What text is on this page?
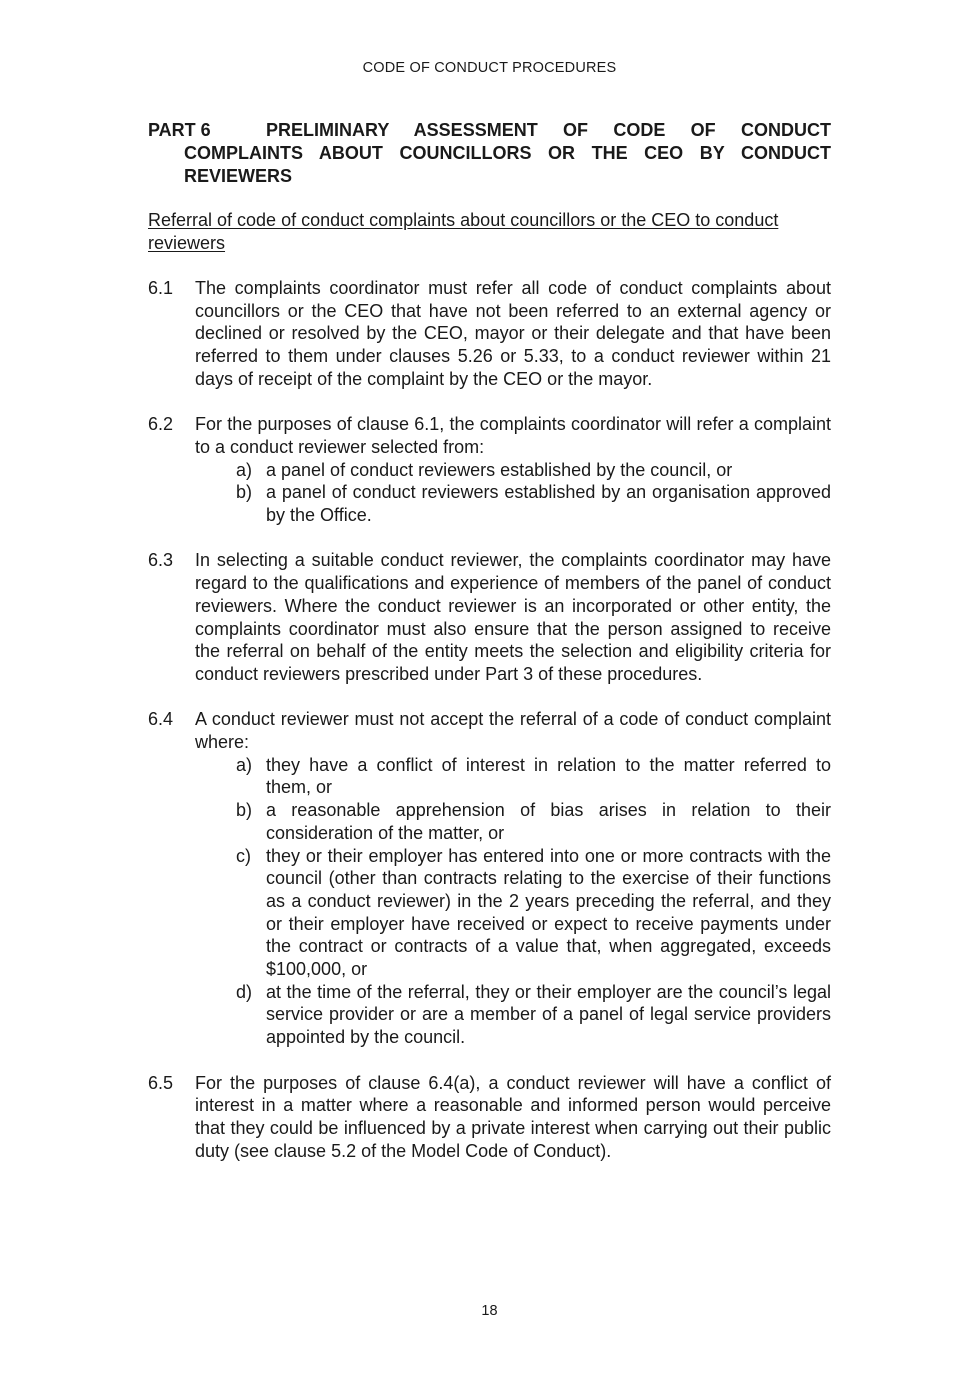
CODE OF CONDUCT PROCEDURES
PART 6	PRELIMINARY ASSESSMENT OF CODE OF CONDUCT
COMPLAINTS ABOUT COUNCILLORS OR THE CEO BY CONDUCT
REVIEWERS
Referral of code of conduct complaints about councillors or the CEO to conduct reviewers
6.1	The complaints coordinator must refer all code of conduct complaints about councillors or the CEO that have not been referred to an external agency or declined or resolved by the CEO, mayor or their delegate and that have been referred to them under clauses 5.26 or 5.33, to a conduct reviewer within 21 days of receipt of the complaint by the CEO or the mayor.
6.2	For the purposes of clause 6.1, the complaints coordinator will refer a complaint to a conduct reviewer selected from:
a) a panel of conduct reviewers established by the council, or
b) a panel of conduct reviewers established by an organisation approved by the Office.
6.3	In selecting a suitable conduct reviewer, the complaints coordinator may have regard to the qualifications and experience of members of the panel of conduct reviewers. Where the conduct reviewer is an incorporated or other entity, the complaints coordinator must also ensure that the person assigned to receive the referral on behalf of the entity meets the selection and eligibility criteria for conduct reviewers prescribed under Part 3 of these procedures.
6.4	A conduct reviewer must not accept the referral of a code of conduct complaint where:
a) they have a conflict of interest in relation to the matter referred to them, or
b) a reasonable apprehension of bias arises in relation to their consideration of the matter, or
c) they or their employer has entered into one or more contracts with the council (other than contracts relating to the exercise of their functions as a conduct reviewer) in the 2 years preceding the referral, and they or their employer have received or expect to receive payments under the contract or contracts of a value that, when aggregated, exceeds $100,000, or
d) at the time of the referral, they or their employer are the council’s legal service provider or are a member of a panel of legal service providers appointed by the council.
6.5	For the purposes of clause 6.4(a), a conduct reviewer will have a conflict of interest in a matter where a reasonable and informed person would perceive that they could be influenced by a private interest when carrying out their public duty (see clause 5.2 of the Model Code of Conduct).
18
